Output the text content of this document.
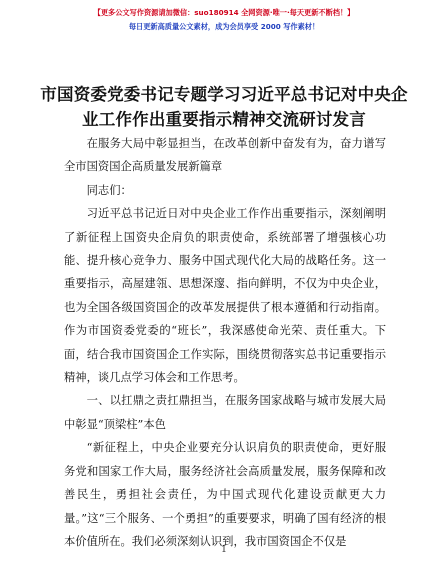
【更多公文写作资源请加微信：suo180914 全网资源·唯一·每天更新不断档！】
每日更新高质量公文素材，成为会员享受 2000 写作素材！
市国资委党委书记专题学习习近平总书记对中央企业工作作出重要指示精神交流研讨发言

在服务大局中彰显担当，在改革创新中奋发有为，奋力谱写全市国资国企高质量发展新篇章

同志们：

习近平总书记近日对中央企业工作作出重要指示，深刻阐明了新征程上国资央企肩负的职责使命，系统部署了增强核心功能、提升核心竞争力、服务中国式现代化大局的战略任务。这一重要指示，高屋建瓴、思想深邃、指向鲜明，不仅为中央企业，也为全国各级国资国企的改革发展提供了根本遵循和行动指南。作为市国资委党委的“班长”，我深感使命光荣、责任重大。下面，结合我市国资国企工作实际，围绕贯彻落实总书记重要指示精神，谈几点学习体会和工作思考。

一、以扛鼎之责扛鼎担当，在服务国家战略与城市发展大局中彰显“顶梁柱”本色

“新征程上，中央企业要充分认识肩负的职责使命，更好服务党和国家工作大局，服务经济社会高质量发展，服务保障和改善民生，勇担社会责任，为中国式现代化建设贡献更大力量。”这“三个服务、一个勇担”的重要要求，明确了国有经济的根本价值所在。我们必须深刻认识到，我市国资国企不仅是

1
